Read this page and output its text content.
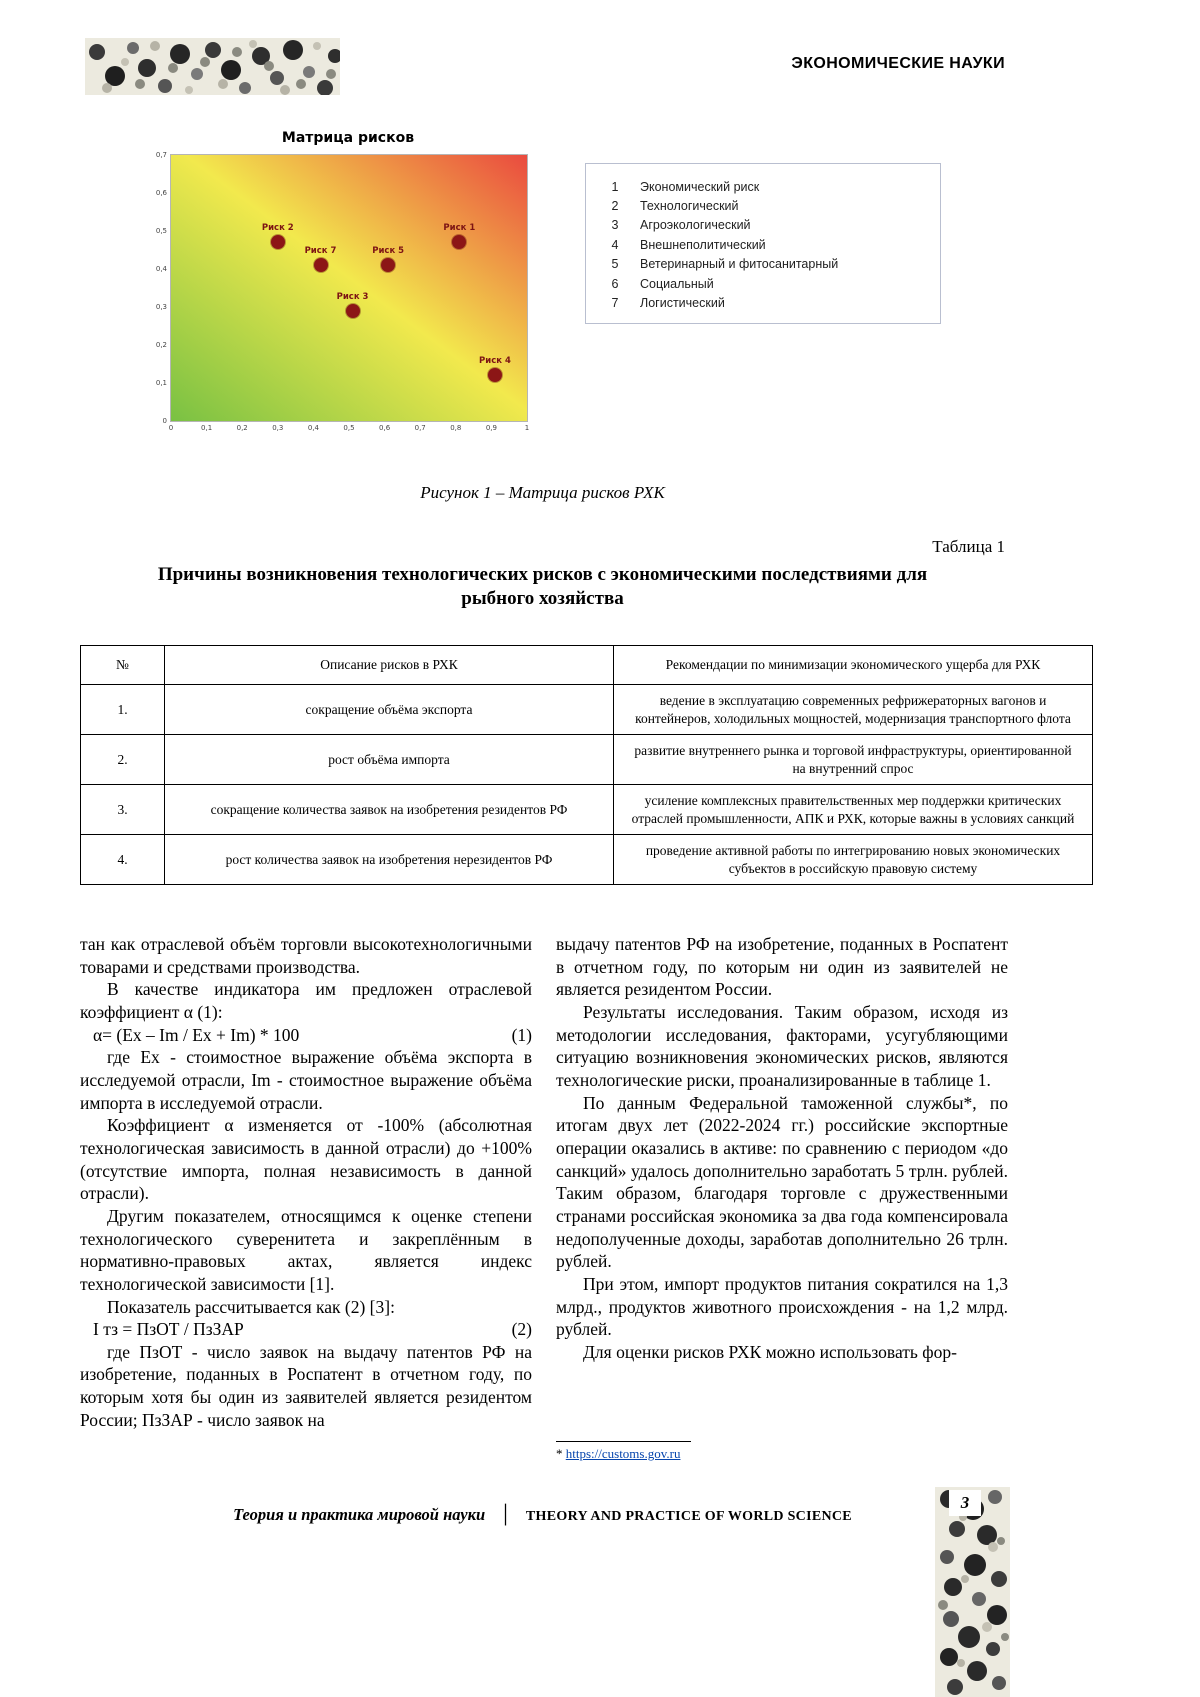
ЭКОНОМИЧЕСКИЕ НАУКИ
Матрица рисков
0	0,1	0,2	0,3	0,4	0,5	0,6	0,7	0,8	0,9	1
0
0,1
0,2
0,3
0,4
0,5
0,6
0,7
Риск 1
Риск 2
Риск 3
Риск 4
Риск 5
Риск 7
1	Экономический риск
2	Технологический
3	Агроэкологический
4	Внешнеполитический
5	Ветеринарный и фитосанитарный
6	Социальный
7	Логистический
Рисунок 1 – Матрица рисков РХК
Таблица 1
Причины возникновения технологических рисков с экономическими последствиями для рыбного хозяйства
№	Описание рисков в РХК	Рекомендации по минимизации экономического ущерба для РХК
1.	сокращение объёма экспорта	ведение в эксплуатацию современных рефрижераторных вагонов и контейнеров, холодильных мощностей, модернизация транспортного флота
2.	рост объёма импорта	развитие внутреннего рынка и торговой инфраструктуры, ориентированной на внутренний спрос
3.	сокращение количества заявок на изобретения резидентов РФ	усиление комплексных правительственных мер поддержки критических отраслей промышленности, АПК и РХК, которые важны в условиях санкций
4.	рост количества заявок на изобретения нерезидентов РФ	проведение активной работы по интегрированию новых экономических субъектов в российскую правовую систему

тан как отраслевой объём торговли высокотехнологичными товарами и средствами производства.

В качестве индикатора им предложен отраслевой коэффициент α (1):

α= (Ex – Im / Ex + Im) * 100	(1)

где Ex - стоимостное выражение объёма экспорта в исследуемой отрасли, Im - стоимостное выражение объёма импорта в исследуемой отрасли.

Коэффициент α изменяется от -100% (абсолютная технологическая зависимость в данной отрасли) до +100% (отсутствие импорта, полная независимость в данной отрасли).

Другим показателем, относящимся к оценке степени технологического суверенитета и закреплённым в нормативно-правовых актах, является индекс технологической зависимости [1].

Показатель рассчитывается как (2) [3]:

I тз = ПзОТ / ПзЗАР	(2)

где ПзОТ - число заявок на выдачу патентов РФ на изобретение, поданных в Роспатент в отчетном году, по которым хотя бы один из заявителей является резидентом России; ПзЗАР - число заявок на

выдачу патентов РФ на изобретение, поданных в Роспатент в отчетном году, по которым ни один из заявителей не является резидентом России.

Результаты исследования. Таким образом, исходя из методологии исследования, факторами, усугубляющими ситуацию возникновения экономических рисков, являются технологические риски, проанализированные в таблице 1.

По данным Федеральной таможенной службы*, по итогам двух лет (2022-2024 гг.) российские экспортные операции оказались в активе: по сравнению с периодом «до санкций» удалось дополнительно заработать 5 трлн. рублей. Таким образом, благодаря торговле с дружественными странами российская экономика за два года компенсировала недополученные доходы, заработав дополнительно 26 трлн. рублей.

При этом, импорт продуктов питания сократился на 1,3 млрд., продуктов животного происхождения - на 1,2 млрд. рублей.

Для оценки рисков РХК можно использовать фор-

* https://customs.gov.ru
Теория и практика мировой науки │ THEORY AND PRACTICE OF WORLD SCIENCE
3
